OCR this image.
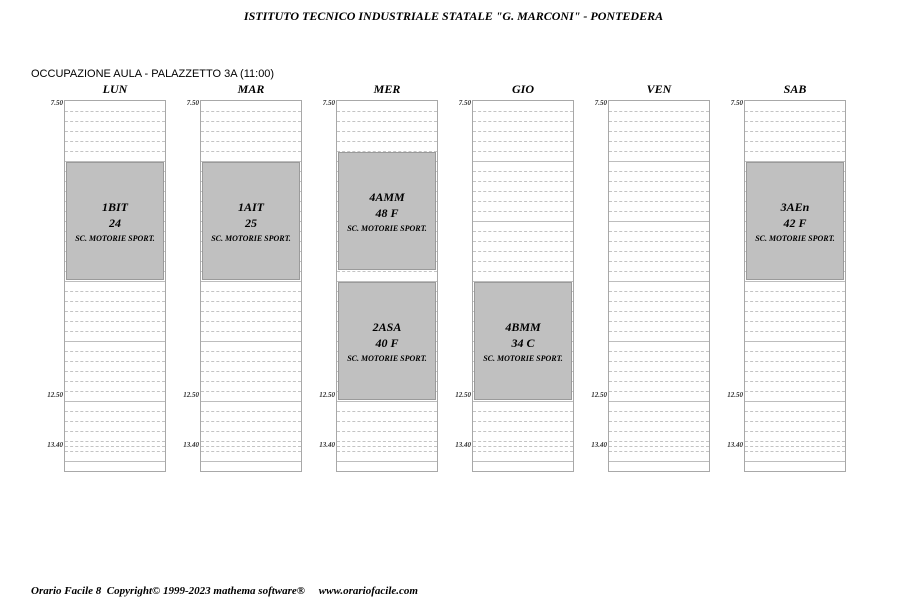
ISTITUTO TECNICO INDUSTRIALE STATALE "G. MARCONI" - PONTEDERA
OCCUPAZIONE AULA - PALAZZETTO 3A (11:00)
LUN
7.50
12.50
13.40
1BIT
24
SC. MOTORIE SPORT.
MAR
7.50
12.50
13.40
1AIT
25
SC. MOTORIE SPORT.
MER
7.50
12.50
13.40
4AMM
48 F
SC. MOTORIE SPORT.
2ASA
40 F
SC. MOTORIE SPORT.
GIO
7.50
12.50
13.40
4BMM
34 C
SC. MOTORIE SPORT.
VEN
7.50
12.50
13.40
SAB
7.50
12.50
13.40
3AEn
42 F
SC. MOTORIE SPORT.
Orario Facile 8  Copyright© 1999-2023 mathema software®     www.orariofacile.com
